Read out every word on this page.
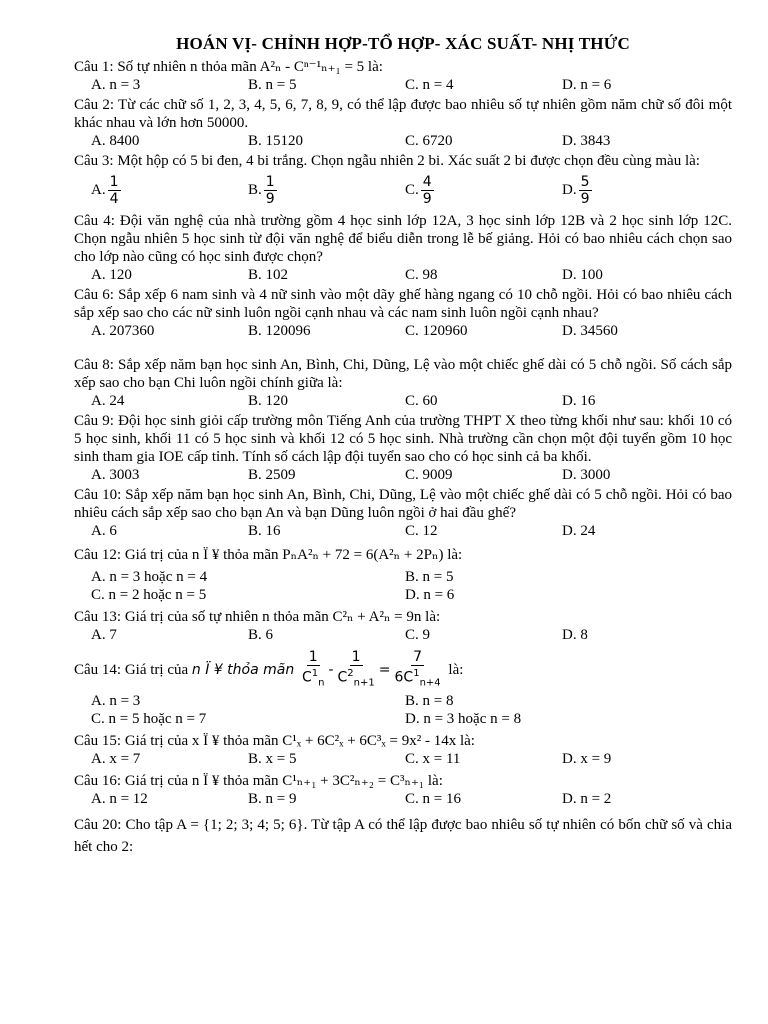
HOÁN VỊ- CHỈNH HỢP-TỔ HỢP- XÁC SUẤT- NHỊ THỨC
Câu 1: Số tự nhiên n thỏa mãn A²ₙ - Cⁿ⁻¹ₙ₊₁ = 5 là:
A. n = 3	B. n = 5	C. n = 4	D. n = 6
Câu 2: Từ các chữ số 1, 2, 3, 4, 5, 6, 7, 8, 9, có thể lập được bao nhiêu số tự nhiên gồm năm chữ số đôi một khác nhau và lớn hơn 50000.
A. 8400	B. 15120	C. 6720	D. 3843
Câu 3: Một hộp có 5 bi đen, 4 bi trắng. Chọn ngẫu nhiên 2 bi. Xác suất 2 bi được chọn đều cùng màu là:
A. $\frac{1}{4}$	B. $\frac{1}{9}$	C. $\frac{4}{9}$	D. $\frac{5}{9}$
Câu 4: Đội văn nghệ của nhà trường gồm 4 học sinh lớp 12A, 3 học sinh lớp 12B và 2 học sinh lớp 12C. Chọn ngẫu nhiên 5 học sinh từ đội văn nghệ để biểu diễn trong lễ bế giảng. Hỏi có bao nhiêu cách chọn sao cho lớp nào cũng có học sinh được chọn?
A. 120	B. 102	C. 98	D. 100
Câu 6: Sắp xếp 6 nam sinh và 4 nữ sinh vào một dãy ghế hàng ngang có 10 chỗ ngồi. Hỏi có bao nhiêu cách sắp xếp sao cho các nữ sinh luôn ngồi cạnh nhau và các nam sinh luôn ngồi cạnh nhau?
A. 207360	B. 120096	C. 120960	D. 34560
Câu 8: Sắp xếp năm bạn học sinh An, Bình, Chi, Dũng, Lệ vào một chiếc ghế dài có 5 chỗ ngồi. Số cách sắp xếp sao cho bạn Chi luôn ngồi chính giữa là:
A. 24	B. 120	C. 60	D. 16
Câu 9: Đội học sinh giỏi cấp trường môn Tiếng Anh của trường THPT X theo từng khối như sau: khối 10 có 5 học sinh, khối 11 có 5 học sinh và khối 12 có 5 học sinh. Nhà trường cần chọn một đội tuyển gồm 10 học sinh tham gia IOE cấp tỉnh. Tính số cách lập đội tuyển sao cho có học sinh cả ba khối.
A. 3003	B. 2509	C. 9009	D. 3000
Câu 10: Sắp xếp năm bạn học sinh An, Bình, Chi, Dũng, Lệ vào một chiếc ghế dài có 5 chỗ ngồi. Hỏi có bao nhiêu cách sắp xếp sao cho bạn An và bạn Dũng luôn ngồi ở hai đầu ghế?
A. 6	B. 16	C. 12	D. 24
Câu 12: Giá trị của n Ï ¥ thỏa mãn PₙA²ₙ + 72 = 6(A²ₙ + 2Pₙ) là:
A. n = 3 hoặc n = 4	B. n = 5
C. n = 2 hoặc n = 5	D. n = 6
Câu 13: Giá trị của số tự nhiên n thỏa mãn C²ₙ + A²ₙ = 9n là:
A. 7	B. 6	C. 9	D. 8
Câu 14: Giá trị của
n Ï ¥ thỏa mãn
$\frac{1}{C^1_n} - \frac{1}{C^2_{n+1}} = \frac{7}{6C^1_{n+4}}$
là:
A. n = 3	B. n = 8
C. n = 5 hoặc n = 7	D. n = 3 hoặc n = 8
Câu 15: Giá trị của x Ï ¥ thỏa mãn C¹ₓ + 6C²ₓ + 6C³ₓ = 9x² - 14x là:
A. x = 7	B. x = 5	C. x = 11	D. x = 9
Câu 16: Giá trị của n Ï ¥ thỏa mãn C¹ₙ₊₁ + 3C²ₙ₊₂ = C³ₙ₊₁ là:
A. n = 12	B. n = 9	C. n = 16	D. n = 2
Câu 20: Cho tập A = {1; 2; 3; 4; 5; 6}. Từ tập A có thể lập được bao nhiêu số tự nhiên có bốn chữ số và chia hết cho 2:
